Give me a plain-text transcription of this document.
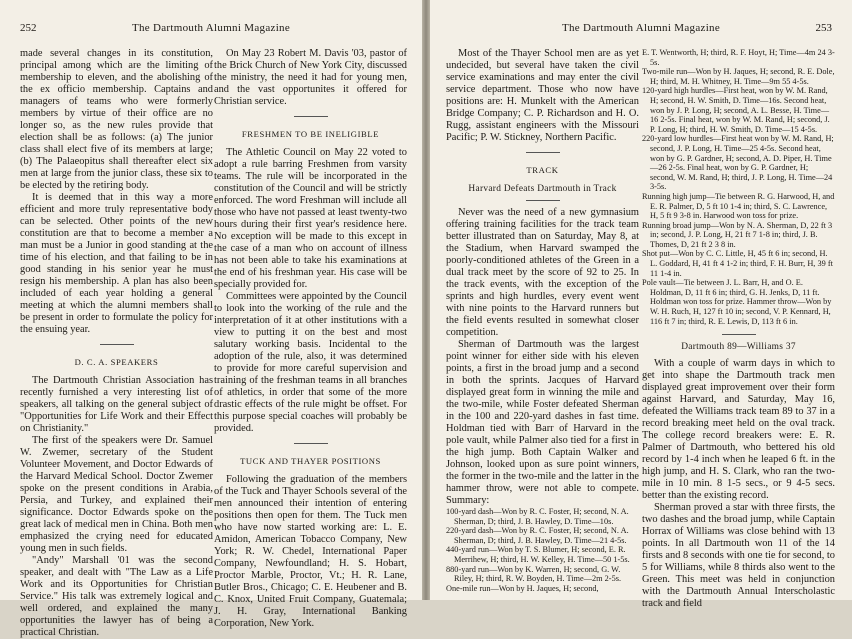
252	The Dartmouth Alumni Magazine

made several changes in its constitution, principal among which are the limiting of membership to eleven, and the abolishing of the ex officio membership. Captains and managers of teams who were formerly members by virtue of their office are no longer so, as the new rules provide that election shall be as follows: (a) The junior class shall elect five of its members at large; (b) The Palaeopitus shall thereafter elect six men at large from the junior class, these six to be elected by the retiring body.

It is deemed that in this way a more efficient and more truly representative body can be selected. Other points of the new constitution are that to become a member a man must be a Junior in good standing at the time of his election, and that failing to be in good standing in his senior year he must resign his membership. A plan has also been included of each year holding a general meeting at which the alumni members shall be present in order to formulate the policy for the ensuing year.

D. C. A. SPEAKERS

The Dartmouth Christian Association has recently furnished a very interesting list of speakers, all talking on the general subject of "Opportunities for Life Work and their Effect on Christianity."

The first of the speakers were Dr. Samuel W. Zwemer, secretary of the Student Volunteer Movement, and Doctor Edwards of the Harvard Medical School. Doctor Zwemer spoke on the present conditions in Arabia, Persia, and Turkey, and explained their significance. Doctor Edwards spoke on the great lack of medical men in China. Both men emphasized the crying need for educated young men in such fields.

"Andy" Marshall '01 was the second speaker, and dealt with "The Law as a Life Work and its Opportunities for Christian Service." His talk was extremely logical and well ordered, and explained the many opportunities the lawyer has of being a practical Christian.

On May 23 Robert M. Davis '03, pastor of the Brick Church of New York City, discussed the ministry, the need it had for young men, and the vast opportunites it offered for Christian service.

FRESHMEN TO BE INELIGIBLE

The Athletic Council on May 22 voted to adopt a rule barring Freshmen from varsity teams. The rule will be incorporated in the constitution of the Council and will be strictly enforced. The word Freshman will include all those who have not passed at least twenty-two hours during their first year's residence here. No exception will be made to this except in the case of a man who on account of illness has not been able to take his examinations at the end of his freshman year. His case will be specially provided for.

Committees were appointed by the Council to look into the working of the rule and the interpretation of it at other institutions with a view to putting it on the best and most salutary working basis. Incidental to the adoption of the rule, also, it was determined to provide for more careful supervision and training of the freshman teams in all branches of athletics, in order that some of the more drastic effects of the rule might be offset. For this purpose special coaches will probably be provided.

TUCK AND THAYER POSITIONS

Following the graduation of the members of the Tuck and Thayer Schools several of the men announced their intention of entering positions then open for them. The Tuck men who have now started working are: L. E. Amidon, American Tobacco Company, New York; R. W. Chedel, International Paper Company, Newfoundland; H. S. Hobart, Proctor Marble, Proctor, Vt.; H. R. Lane, Butler Bros., Chicago; C. E. Heubener and B. C. Knox, United Fruit Company, Guatemala; J. H. Gray, International Banking Corporation, New York.

The Dartmouth Alumni Magazine	253

Most of the Thayer School men are as yet undecided, but several have taken the civil service examinations and may enter the civil service department. Those who now have positions are: H. Munkelt with the American Bridge Company; C. P. Richardson and H. O. Rugg, assistant engineers with the Missouri Pacific; P. W. Stickney, Northern Pacific.

TRACK
Harvard Defeats Dartmouth in Track

Never was the need of a new gymnasium offering training facilities for the track team better illustrated than on Saturday, May 8, at the Stadium, when Harvard swamped the poorly-conditioned athletes of the Green in a dual track meet by the score of 92 to 25. In the track events, with the exception of the sprints and high hurdles, every event went with nine points to the Harvard runners but the field events resulted in somewhat closer competition.

Sherman of Dartmouth was the largest point winner for either side with his eleven points, a first in the broad jump and a second in both the sprints. Jacques of Harvard displayed great form in winning the mile and the two-mile, while Foster defeated Sherman in the 100 and 220-yard dashes in fast time. Holdman tied with Barr of Harvard in the pole vault, while Palmer also tied for a first in the high jump. Both Captain Walker and Johnson, looked upon as sure point winners, the former in the two-mile and the latter in the hammer throw, were not able to compete. Summary:

100-yard dash—Won by R. C. Foster, H; second, N. A. Sherman, D; third, J. B. Hawley, D. Time—10s.

220-yard dash—Won by R. C. Foster, H; second, N. A. Sherman, D; third, J. B. Hawley, D. Time—21 4-5s.

440-yard run—Won by T. S. Blumer, H; second, E. R. Merrihew, H; third, H. W. Kelley, H. Time—50 1-5s.

880-yard run—Won by K. Warren, H; second, G. W. Riley, H; third, R. W. Boyden, H. Time—2m 2-5s.

One-mile run—Won by H. Jaques, H; second,

E. T. Wentworth, H; third, R. F. Hoyt, H; Time—4m 24 3-5s.

Two-mile run—Won by H. Jaques, H; second, R. E. Dole, H; third, M. H. Whitney, H. Time—9m 55 4-5s.

120-yard high hurdles—First heat, won by W. M. Rand, H; second, H. W. Smith, D. Time—16s. Second heat, won by J. P. Long, H; second, A. L. Besse, H. Time—16 2-5s. Final heat, won by W. M. Rand, H; second, J. P. Long, H; third, H. W. Smith, D. Time—15 4-5s.

220-yard low hurdles—First heat won by W. M. Rand, H; second, J. P. Long, H. Time—25 4-5s. Second heat, won by G. P. Gardner, H; second, A. D. Piper, H. Time—26 2-5s. Final heat, won by G. P. Gardner, H; second, W. M. Rand, H; third, J. P. Long, H. Time—24 3-5s.

Running high jump—Tie between R. G. Harwood, H, and E. R. Palmer, D, 5 ft 10 1-4 in; third, S. C. Lawrence, H, 5 ft 9 3-8 in. Harwood won toss for prize.

Running broad jump—Won by N. A. Sherman, D, 22 ft 3 in; second, J. P. Long, H, 21 ft 7 1-8 in; third, J. B. Thomes, D, 21 ft 2 3 8 in.

Shot put—Won by C. C. Little, H, 45 ft 6 in; second, H. L. Goddard, H, 41 ft 4 1-2 in; third, F. H. Burr, H, 39 ft 11 1-4 in.

Pole vault—Tie between J. L. Barr, H, and O. E. Holdman, D, 11 ft 6 in; third, G. H. Jenks, D, 11 ft. Holdman won toss for prize. Hammer throw—Won by W. H. Ruch, H, 127 ft 10 in; second, V. P. Kennard, H, 116 ft 7 in; third, R. E. Lewis, D, 113 ft 6 in.

Dartmouth 89—Williams 37

With a couple of warm days in which to get into shape the Dartmouth track men displayed great improvement over their form against Harvard, and Saturday, May 16, defeated the Williams track team 89 to 37 in a record breaking meet held on the oval track. The college record breakers were: E. R. Palmer of Dartmouth, who bettered his old record by 1-4 inch when he leaped 6 ft. in the high jump, and H. S. Clark, who ran the two-mile in 10 min. 8 1-5 secs., or 9 4-5 secs. better than the existing record.

Sherman proved a star with three firsts, the two dashes and the broad jump, while Captain Horrax of Williams was close behind with 13 points. In all Dartmouth won 11 of the 14 firsts and 8 seconds with one tie for second, to 5 for Williams, while 8 thirds also went to the Green. This meet was held in conjunction with the Dartmouth Annual Interscholastic track and field
